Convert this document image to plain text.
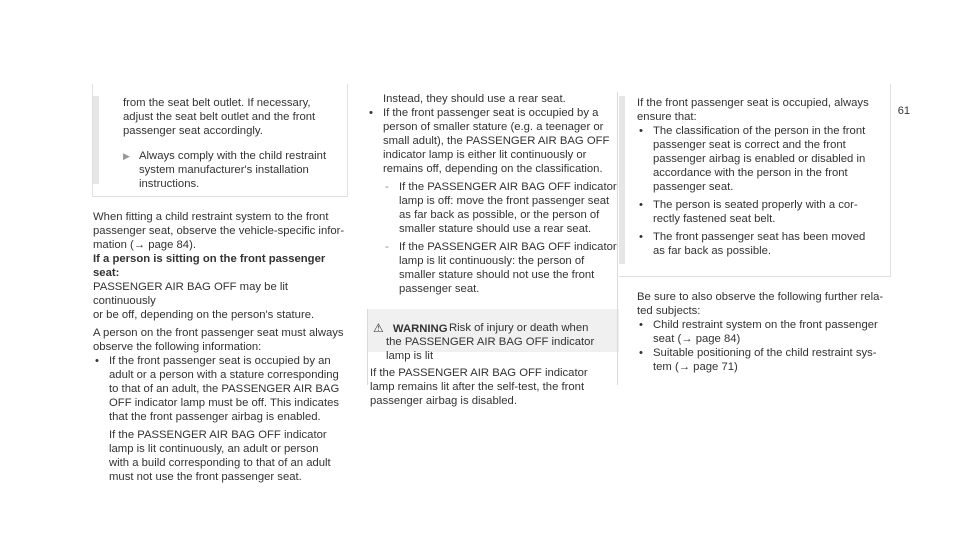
61

from the seat belt outlet. If necessary,

adjust the seat belt outlet and the front

passenger seat accordingly.

▶ Always comply with the child restraint

system manufacturer's installation

instructions.

When fitting a child restraint system to the front

passenger seat, observe the vehicle-specific infor-

mation (→ page 84).

If a person is sitting on the front passenger seat:

PASSENGER AIR BAG OFF may be lit continuously

or be off, depending on the person's stature.

A person on the front passenger seat must always

observe the following information:

• If the front passenger seat is occupied by an

adult or a person with a stature corresponding

to that of an adult, the PASSENGER AIR BAG

OFF indicator lamp must be off. This indicates

that the front passenger airbag is enabled.

If the PASSENGER AIR BAG OFF indicator

lamp is lit continuously, an adult or person

with a build corresponding to that of an adult

must not use the front passenger seat.

Instead, they should use a rear seat.

• If the front passenger seat is occupied by a

person of smaller stature (e.g. a teenager or

small adult), the PASSENGER AIR BAG OFF

indicator lamp is either lit continuously or

remains off, depending on the classification.

- If the PASSENGER AIR BAG OFF indicator

lamp is off: move the front passenger seat

as far back as possible, or the person of

smaller stature should use a rear seat.

- If the PASSENGER AIR BAG OFF indicator

lamp is lit continuously: the person of

smaller stature should not use the front

passenger seat.

⚠ WARNING Risk of injury or death when

the PASSENGER AIR BAG OFF indicator

lamp is lit

If the PASSENGER AIR BAG OFF indicator

lamp remains lit after the self-test, the front

passenger airbag is disabled.

If the front passenger seat is occupied, always

ensure that:

• The classification of the person in the front

passenger seat is correct and the front

passenger airbag is enabled or disabled in

accordance with the person in the front

passenger seat.

• The person is seated properly with a cor-

rectly fastened seat belt.

• The front passenger seat has been moved

as far back as possible.

Be sure to also observe the following further rela-

ted subjects:

• Child restraint system on the front passenger

seat (→ page 84)

• Suitable positioning of the child restraint sys-

tem (→ page 71)
